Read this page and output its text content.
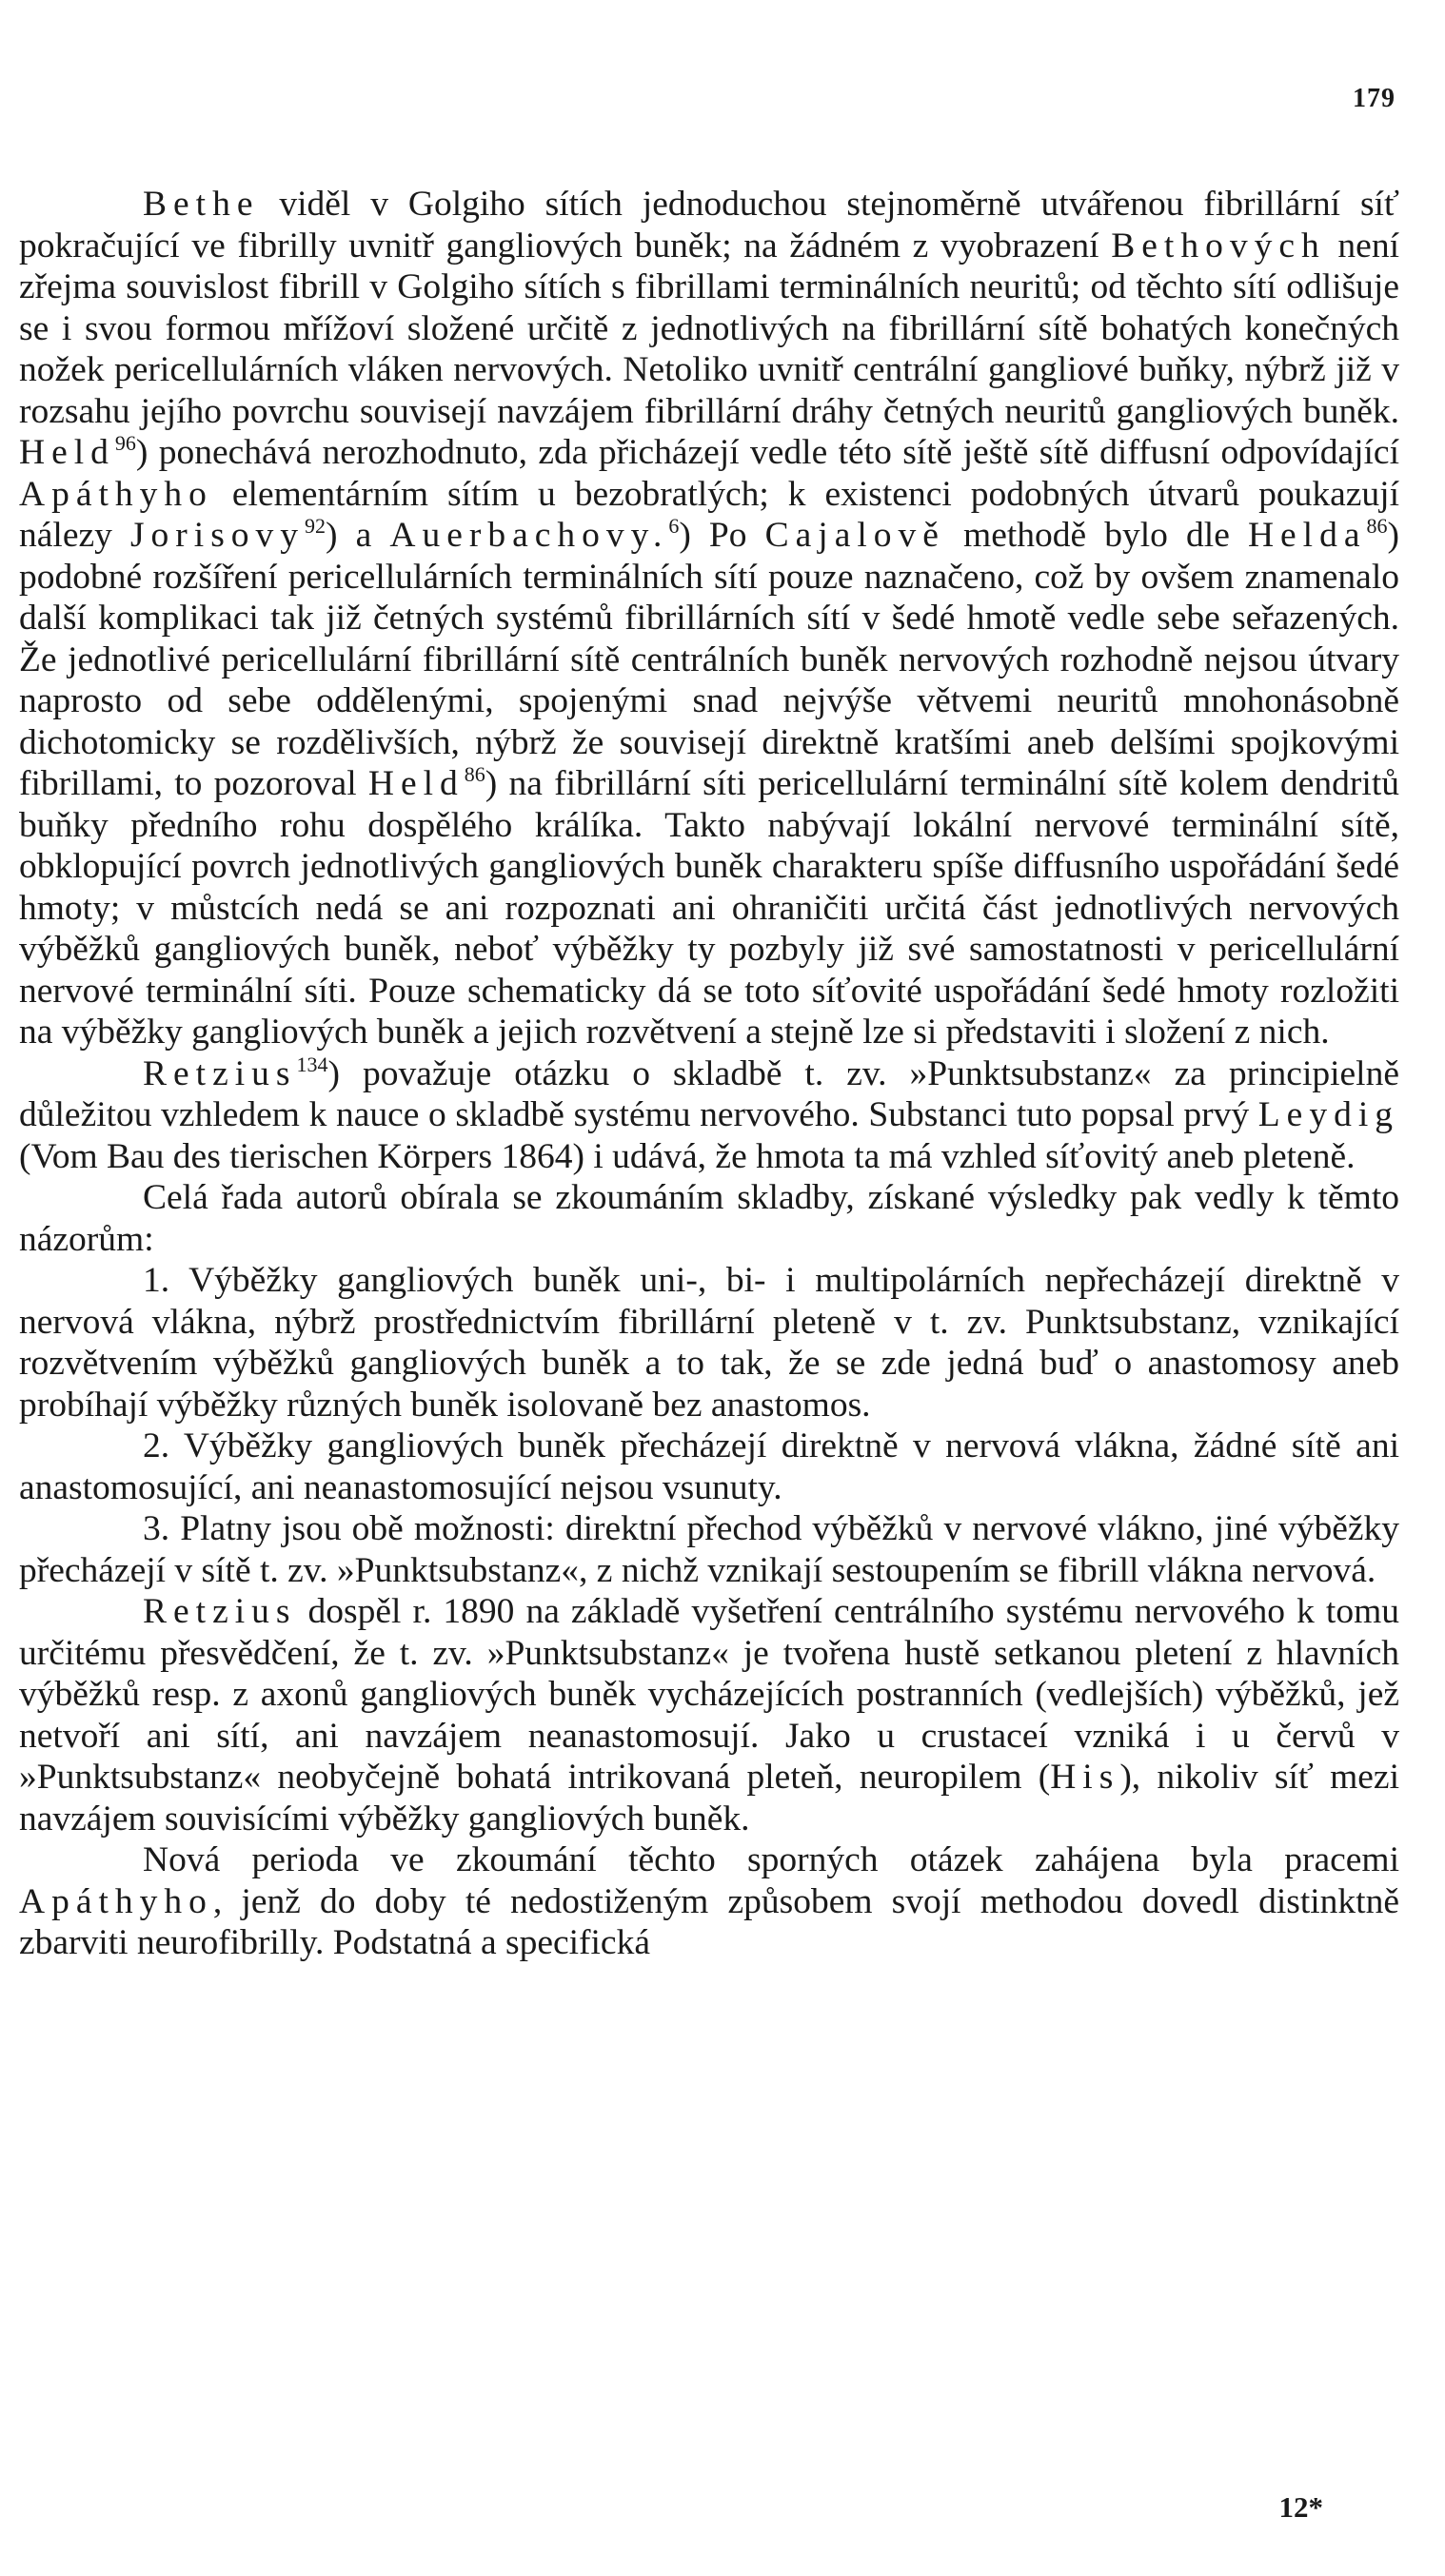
179

Bethe viděl v Golgiho sítích jednoduchou stejnoměrně utvářenou fibrillární síť pokračující ve fibrilly uvnitř gangliových buněk; na žádném z vyobrazení Bethových není zřejma souvislost fibrill v Golgiho sítích s fibrillami terminálních neuritů; od těchto sítí odlišuje se i svou formou mřížoví složené určitě z jednotlivých na fibrillární sítě bohatých konečných nožek pericellulárních vláken nervových. Netoliko uvnitř centrální gangliové buňky, nýbrž již v rozsahu jejího povrchu souvisejí navzájem fibrillární dráhy četných neuritů gangliových buněk. Held$^{96}$) ponechává nerozhodnuto, zda přicházejí vedle této sítě ještě sítě diffusní odpovídající Apáthyho elementárním sítím u bezobratlých; k existenci podobných útvarů poukazují nálezy Jorisovy$^{92}$) a Auerbachovy.$^6$) Po Cajalově methodě bylo dle Helda$^{86}$) podobné rozšíření pericellulárních terminálních sítí pouze naznačeno, což by ovšem znamenalo další komplikaci tak již četných systémů fibrillárních sítí v šedé hmotě vedle sebe seřazených. Že jednotlivé pericellulární fibrillární sítě centrálních buněk nervových rozhodně nejsou útvary naprosto od sebe oddělenými, spojenými snad nejvýše větvemi neuritů mnohonásobně dichotomicky se rozdělivších, nýbrž že souvisejí direktně kratšími aneb delšími spojkovými fibrillami, to pozoroval Held$^{86}$) na fibrillární síti pericellulární terminální sítě kolem dendritů buňky předního rohu dospělého králíka. Takto nabývají lokální nervové terminální sítě, obklopující povrch jednotlivých gangliových buněk charakteru spíše diffusního uspořádání šedé hmoty; v můstcích nedá se ani rozpoznati ani ohraničiti určitá část jednotlivých nervových výběžků gangliových buněk, neboť výběžky ty pozbyly již své samostatnosti v pericellulární nervové terminální síti. Pouze schematicky dá se toto síťovité uspořádání šedé hmoty rozložiti na výběžky gangliových buněk a jejich rozvětvení a stejně lze si představiti i složení z nich.

Retzius$^{134}$) považuje otázku o skladbě t. zv. »Punktsubstanz« za principielně důležitou vzhledem k nauce o skladbě systému nervového. Substanci tuto popsal prvý Leydig (Vom Bau des tierischen Körpers 1864) i udává, že hmota ta má vzhled síťovitý aneb pleteně.

Celá řada autorů obírala se zkoumáním skladby, získané výsledky pak vedly k těmto názorům:

1. Výběžky gangliových buněk uni-, bi- i multipolárních nepřecházejí direktně v nervová vlákna, nýbrž prostřednictvím fibrillární pleteně v t. zv. Punktsubstanz, vznikající rozvětvením výběžků gangliových buněk a to tak, že se zde jedná buď o anastomosy aneb probíhají výběžky různých buněk isolovaně bez anastomos.

2. Výběžky gangliových buněk přecházejí direktně v nervová vlákna, žádné sítě ani anastomosující, ani neanastomosující nejsou vsunuty.

3. Platny jsou obě možnosti: direktní přechod výběžků v nervové vlákno, jiné výběžky přecházejí v sítě t. zv. »Punktsubstanz«, z nichž vznikají sestoupením se fibrill vlákna nervová.

Retzius dospěl r. 1890 na základě vyšetření centrálního systému nervového k tomu určitému přesvědčení, že t. zv. »Punktsubstanz« je tvořena hustě setkanou pletení z hlavních výběžků resp. z axonů gangliových buněk vycházejících postranních (vedlejších) výběžků, jež netvoří ani sítí, ani navzájem neanastomosují. Jako u crustaceí vzniká i u červů v »Punktsubstanz« neobyčejně bohatá intrikovaná pleteň, neuropilem (His), nikoliv síť mezi navzájem souvisícími výběžky gangliových buněk.

Nová perioda ve zkoumání těchto sporných otázek zahájena byla pracemi Apáthyho, jenž do doby té nedostiženým způsobem svojí methodou dovedl distinktně zbarviti neurofibrilly. Podstatná a specifická

12*
